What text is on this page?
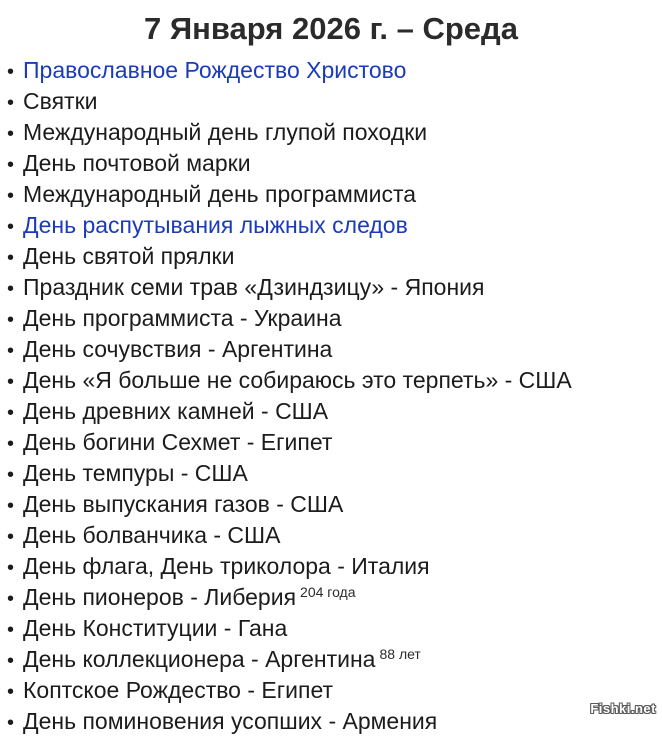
7 Января 2026 г. – Среда
• Православное Рождество Христово
• Святки
• Международный день глупой походки
• День почтовой марки
• Международный день программиста
• День распутывания лыжных следов
• День святой прялки
• Праздник семи трав «Дзиндзицу» - Япония
• День программиста - Украина
• День сочувствия - Аргентина
• День «Я больше не собираюсь это терпеть» - США
• День древних камней - США
• День богини Сехмет - Египет
• День темпуры - США
• День выпускания газов - США
• День болванчика - США
• День флага, День триколора - Италия
• День пионеров - Либерия $^{204 года}$
• День Конституции - Гана
• День коллекционера - Аргентина $^{88 лет}$
• Коптское Рождество - Египет
• День поминовения усопших - Армения	Fishki.net
